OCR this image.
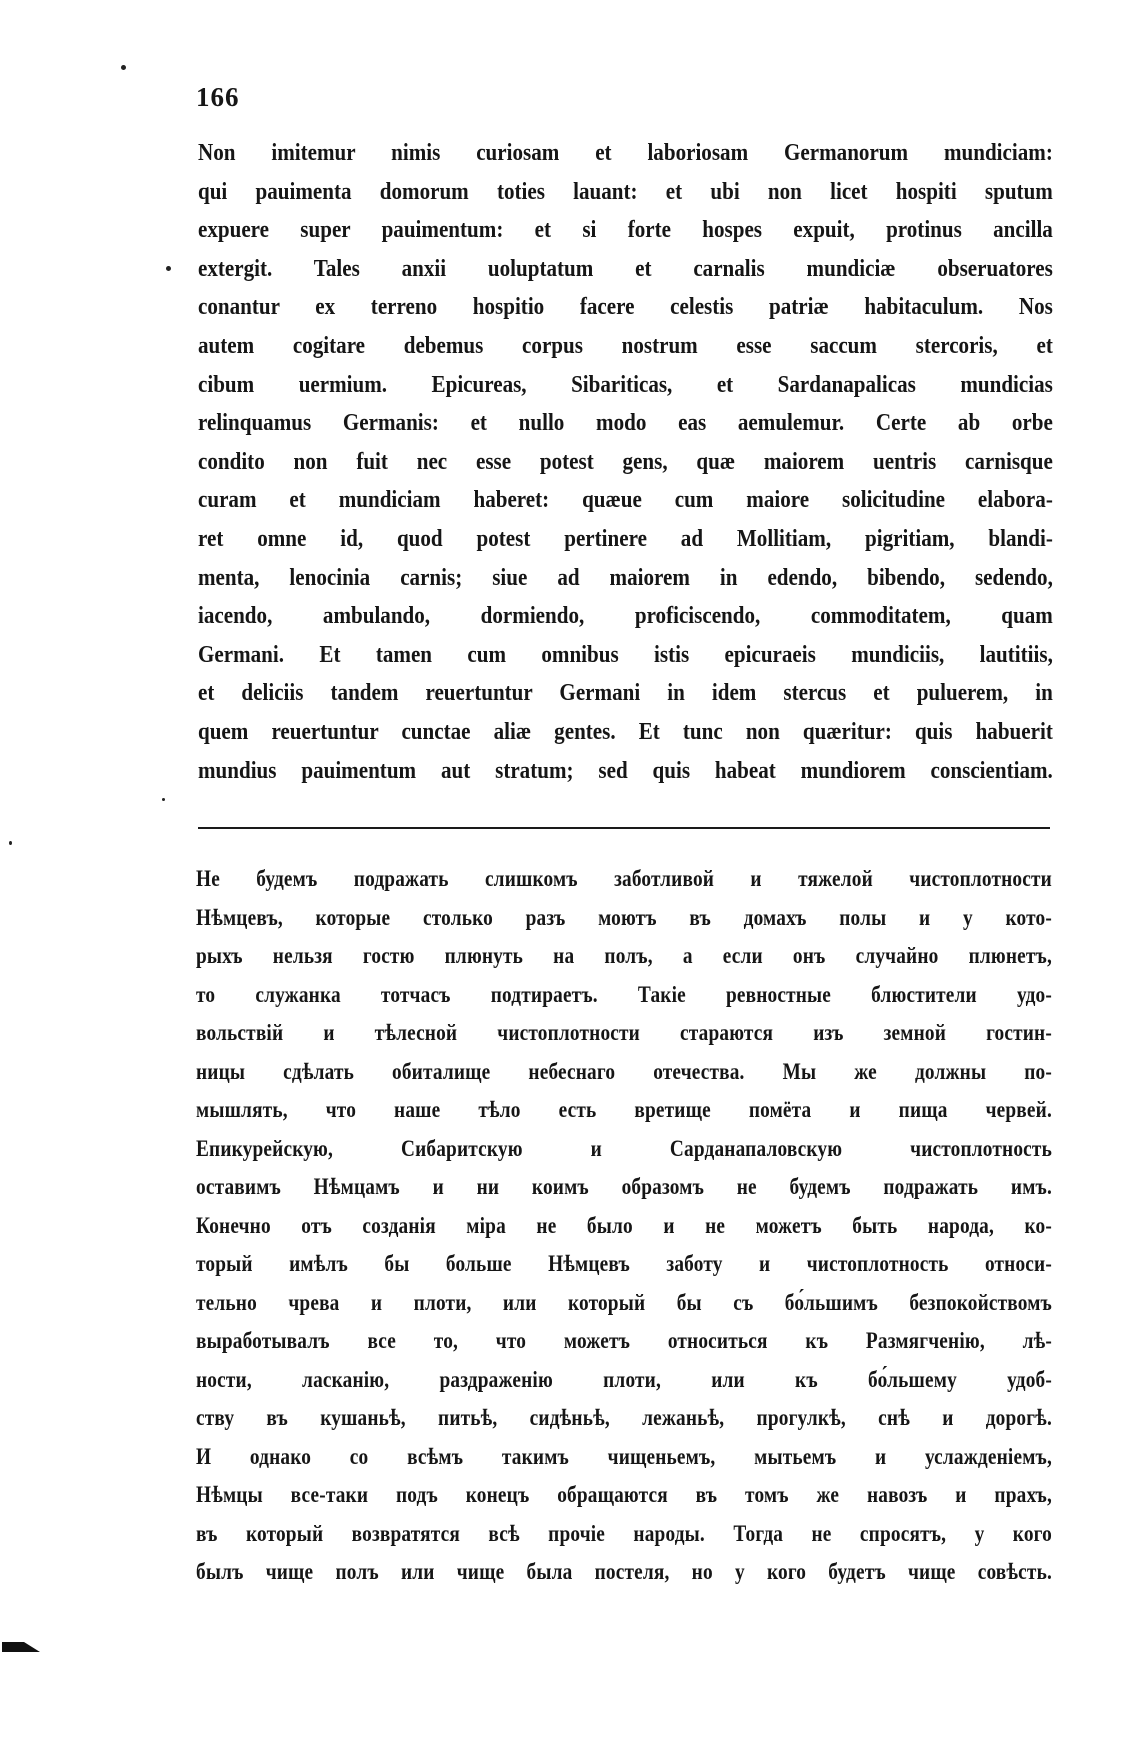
166
Non imitemur nimis curiosam et laboriosam Germanorum mundiciam:
qui pauimenta domorum toties lauant: et ubi non licet hospiti sputum
expuere super pauimentum: et si forte hospes expuit, protinus ancilla
extergit. Tales anxii uoluptatum et carnalis mundiciæ obseruatores
conantur ex terreno hospitio facere celestis patriæ habitaculum. Nos
autem cogitare debemus corpus nostrum esse saccum stercoris, et
cibum uermium. Epicureas, Sibariticas, et Sardanapalicas mundicias
relinquamus Germanis: et nullo modo eas aemulemur. Certe ab orbe
condito non fuit nec esse potest gens, quæ maiorem uentris carnisque
curam et mundiciam haberet: quæue cum maiore solicitudine elabora-
ret omne id, quod potest pertinere ad Mollitiam, pigritiam, blandi-
menta, lenocinia carnis; siue ad maiorem in edendo, bibendo, sedendo,
iacendo, ambulando, dormiendo, proficiscendo, commoditatem, quam
Germani. Et tamen cum omnibus istis epicuraeis mundiciis, lautitiis,
et deliciis tandem reuertuntur Germani in idem stercus et puluerem, in
quem reuertuntur cunctae aliæ gentes. Et tunc non quæritur: quis habuerit
mundius pauimentum aut stratum; sed quis habeat mundiorem conscientiam.
Не будемъ подражать слишкомъ заботливой и тяжелой чистоплотности
Нѣмцевъ, которые столько разъ моютъ въ домахъ полы и у кото-
рыхъ нельзя гостю плюнуть на полъ, а если онъ случайно плюнетъ,
то служанка тотчасъ подтираетъ. Такіе ревностные блюстители удо-
вольствій и тѣлесной чистоплотности стараются изъ земной гостин-
ницы сдѣлать обиталище небеснаго отечества. Мы же должны по-
мышлять, что наше тѣло есть вретище помёта и пища червей.
Епикурейскую, Сибаритскую и Сарданапаловскую чистоплотность
оставимъ Нѣмцамъ и ни коимъ образомъ не будемъ подражать имъ.
Конечно отъ созданія міра не было и не можетъ быть народа, ко-
торый имѣлъ бы больше Нѣмцевъ заботу и чистоплотность относи-
тельно чрева и плоти, или который бы съ бо́льшимъ безпокойствомъ
выработывалъ все то, что можетъ относиться къ Размягченію, лѣ-
ности, ласканію, раздраженію плоти, или къ бо́льшему удоб-
ству въ кушаньѣ, питьѣ, сидѣньѣ, лежаньѣ, прогулкѣ, снѣ и дорогѣ.
И однако со всѣмъ такимъ чищеньемъ, мытьемъ и услажденіемъ,
Нѣмцы все-таки подъ конецъ обращаются въ томъ же навозъ и прахъ,
въ который возвратятся всѣ прочіе народы. Тогда не спросятъ, у кого
былъ чище полъ или чище была постеля, но у кого будетъ чище совѣсть.
